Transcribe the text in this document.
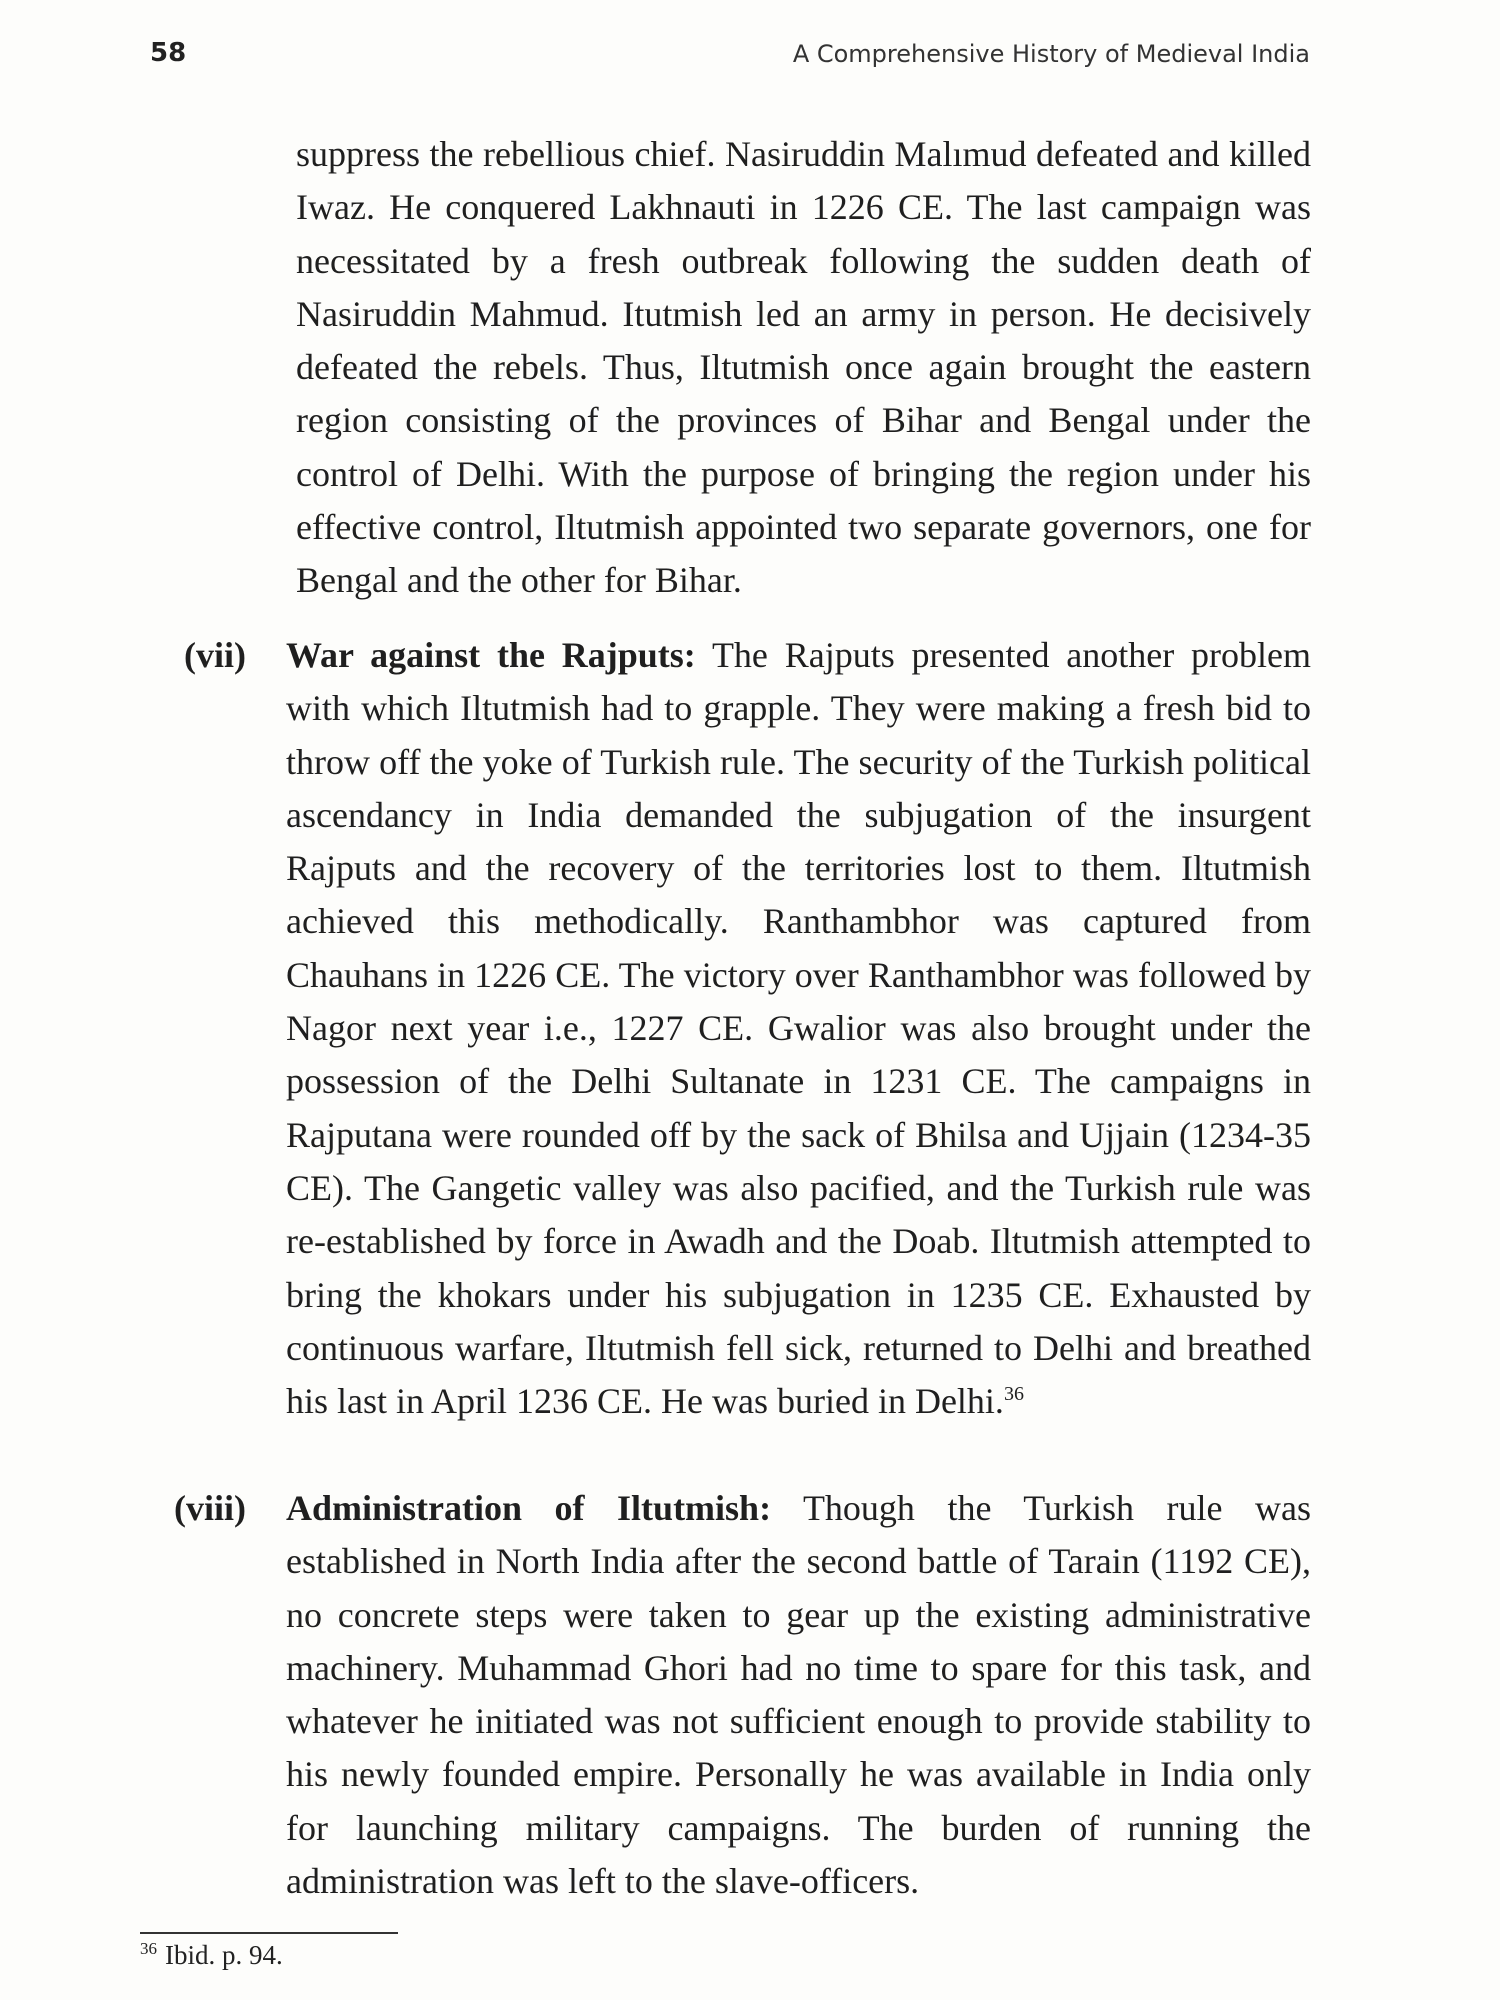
58	A Comprehensive History of Medieval India

suppress the rebellious chief. Nasiruddin Malımud defeated and killed Iwaz. He conquered Lakhnauti in 1226 CE. The last campaign was necessitated by a fresh outbreak following the sudden death of Nasiruddin Mahmud. Itutmish led an army in person. He decisively defeated the rebels. Thus, Iltutmish once again brought the eastern region consisting of the provinces of Bihar and Bengal under the control of Delhi. With the purpose of bringing the region under his effective control, Iltutmish appointed two separate governors, one for Bengal and the other for Bihar.

(vii) War against the Rajputs: The Rajputs presented another problem with which Iltutmish had to grapple. They were making a fresh bid to throw off the yoke of Turkish rule. The security of the Turkish political ascendancy in India demanded the subjugation of the insurgent Rajputs and the recovery of the territories lost to them. Iltutmish achieved this methodically. Ranthambhor was captured from Chauhans in 1226 CE. The victory over Ranthambhor was followed by Nagor next year i.e., 1227 CE. Gwalior was also brought under the possession of the Delhi Sultanate in 1231 CE. The campaigns in Rajputana were rounded off by the sack of Bhilsa and Ujjain (1234-35 CE). The Gangetic valley was also pacified, and the Turkish rule was re-established by force in Awadh and the Doab. Iltutmish attempted to bring the khokars under his subjugation in 1235 CE. Exhausted by continuous warfare, Iltutmish fell sick, returned to Delhi and breathed his last in April 1236 CE. He was buried in Delhi.$^{36}$

(viii) Administration of Iltutmish: Though the Turkish rule was established in North India after the second battle of Tarain (1192 CE), no concrete steps were taken to gear up the existing administrative machinery. Muhammad Ghori had no time to spare for this task, and whatever he initiated was not sufficient enough to provide stability to his newly founded empire. Personally he was available in India only for launching military campaigns. The burden of running the administration was left to the slave-officers.

$^{36}$ Ibid. p. 94.
